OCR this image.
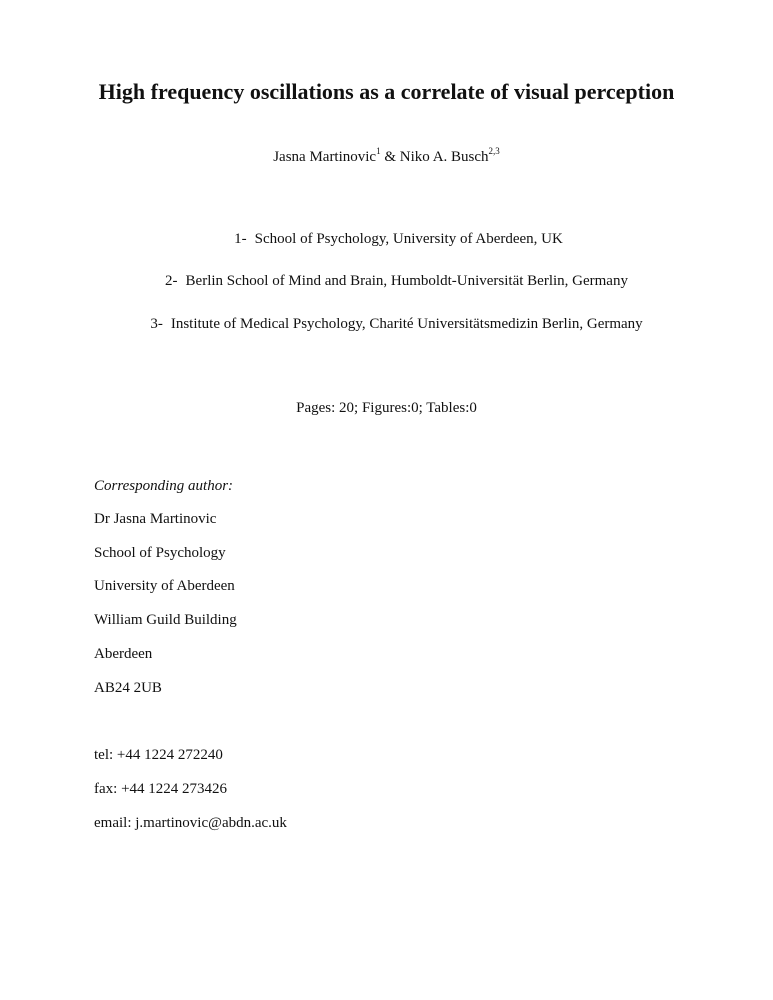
High frequency oscillations as a correlate of visual perception
Jasna Martinovic$^1$ & Niko A. Busch$^{2,3}$
1- School of Psychology, University of Aberdeen, UK
2- Berlin School of Mind and Brain, Humboldt-Universität Berlin, Germany
3- Institute of Medical Psychology, Charité Universitätsmedizin Berlin, Germany
Pages: 20; Figures:0; Tables:0
Corresponding author:
Dr Jasna Martinovic
School of Psychology
University of Aberdeen
William Guild Building
Aberdeen
AB24 2UB
tel: +44 1224 272240
fax: +44 1224 273426
email: j.martinovic@abdn.ac.uk
